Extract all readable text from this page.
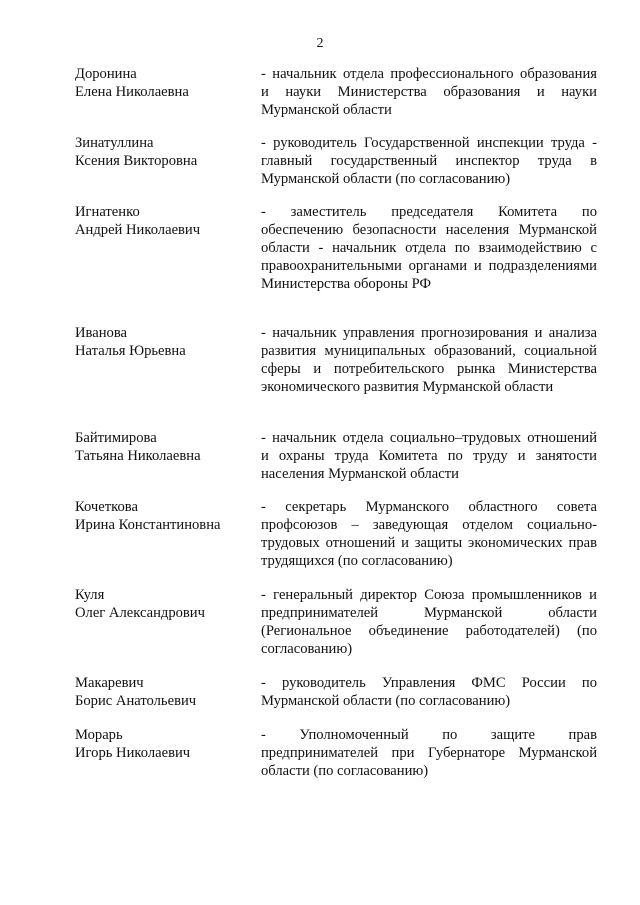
2
Доронина
Елена Николаевна
- начальник отдела профессионального образования и науки Министерства образования и науки Мурманской области
Зинатуллина
Ксения Викторовна
- руководитель Государственной инспекции труда - главный государственный инспектор труда в Мурманской области (по согласованию)
Игнатенко
Андрей Николаевич
- заместитель председателя Комитета по обеспечению безопасности населения Мурманской области - начальник отдела по взаимодействию с правоохранительными органами и подразделениями Министерства обороны РФ
Иванова
Наталья Юрьевна
- начальник управления прогнозирования и анализа развития муниципальных образований, социальной сферы и потребительского рынка Министерства экономического развития Мурманской области
Байтимирова
Татьяна Николаевна
- начальник отдела социально–трудовых отношений и охраны труда Комитета по труду и занятости населения Мурманской области
Кочеткова
Ирина Константиновна
- секретарь Мурманского областного совета профсоюзов – заведующая отделом социально-трудовых отношений и защиты экономических прав трудящихся (по согласованию)
Куля
Олег Александрович
- генеральный директор Союза промышленников и предпринимателей Мурманской области (Региональное объединение работодателей) (по согласованию)
Макаревич
Борис Анатольевич
- руководитель Управления ФМС России по Мурманской области (по согласованию)
Морарь
Игорь Николаевич
- Уполномоченный по защите прав предпринимателей при Губернаторе Мурманской области (по согласованию)
